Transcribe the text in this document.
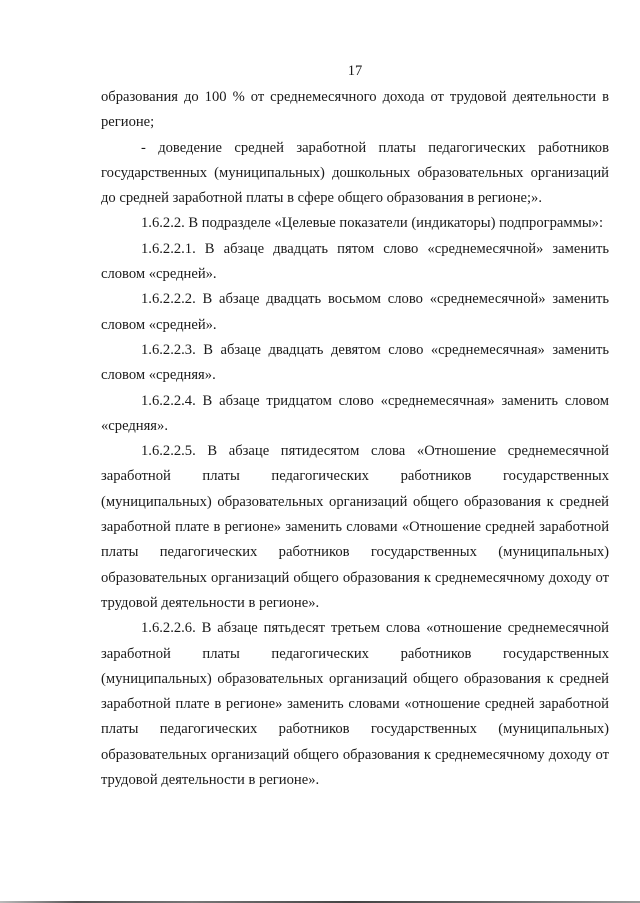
17

образования до 100 % от среднемесячного дохода от трудовой деятельности в регионе;

- доведение средней заработной платы педагогических работников государственных (муниципальных) дошкольных образовательных организаций до средней заработной платы в сфере общего образования в регионе;».

1.6.2.2. В подразделе «Целевые показатели (индикаторы) подпрограммы»:

1.6.2.2.1. В абзаце двадцать пятом слово «среднемесячной» заменить словом «средней».

1.6.2.2.2. В абзаце двадцать восьмом слово «среднемесячной» заменить словом «средней».

1.6.2.2.3. В абзаце двадцать девятом слово «среднемесячная» заменить словом «средняя».

1.6.2.2.4. В абзаце тридцатом слово «среднемесячная» заменить словом «средняя».

1.6.2.2.5. В абзаце пятидесятом слова «Отношение среднемесячной заработной платы педагогических работников государственных (муниципальных) образовательных организаций общего образования к средней заработной плате в регионе» заменить словами «Отношение средней заработной платы педагогических работников государственных (муниципальных) образовательных организаций общего образования к среднемесячному доходу от трудовой деятельности в регионе».

1.6.2.2.6. В абзаце пятьдесят третьем слова «отношение среднемесячной заработной платы педагогических работников государственных (муниципальных) образовательных организаций общего образования к средней заработной плате в регионе» заменить словами «отношение средней заработной платы педагогических работников государственных (муниципальных) образовательных организаций общего образования к среднемесячному доходу от трудовой деятельности в регионе».
